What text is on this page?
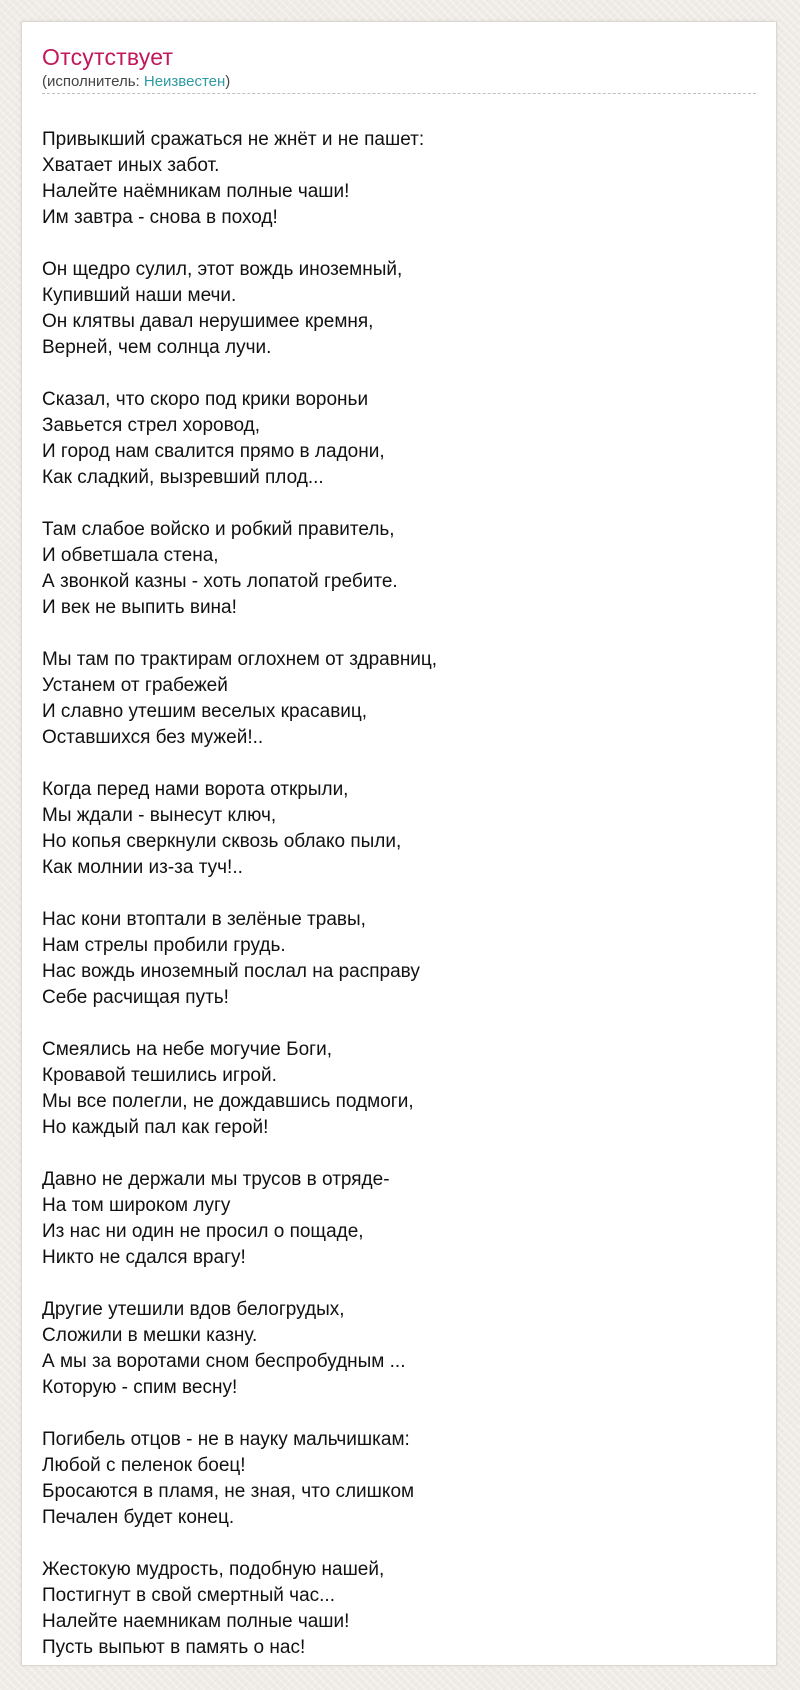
Отсутствует
(исполнитель: Неизвестен)
Привыкший сражаться не жнёт и не пашет:
Хватает иных забот.
Налейте наёмникам полные чаши!
Им завтра - снова в поход!
Он щедро сулил, этот вождь иноземный,
Купивший наши мечи.
Он клятвы давал нерушимее кремня,
Верней, чем солнца лучи.
Сказал, что скоро под крики вороньи
Завьется стрел хоровод,
И город нам свалится прямо в ладони,
Как сладкий, вызревший плод...
Там слабое войско и робкий правитель,
И обветшала стена,
А звонкой казны - хоть лопатой гребите.
И век не выпить вина!
Мы там по трактирам оглохнем от здравниц,
Устанем от грабежей
И славно утешим веселых красавиц,
Оставшихся без мужей!..
Когда перед нами ворота открыли,
Мы ждали - вынесут ключ,
Но копья сверкнули сквозь облако пыли,
Как молнии из-за туч!..
Нас кони втоптали в зелёные травы,
Нам стрелы пробили грудь.
Нас вождь иноземный послал на расправу
Себе расчищая путь!
Смеялись на небе могучие Боги,
Кровавой тешились игрой.
Мы все полегли, не дождавшись подмоги,
Но каждый пал как герой!
Давно не держали мы трусов в отряде-
На том широком лугу
Из нас ни один не просил о пощаде,
Никто не сдался врагу!
Другие утешили вдов белогрудых,
Сложили в мешки казну.
А мы за воротами сном беспробудным ...
Которую - спим весну!
Погибель отцов - не в науку мальчишкам:
Любой с пеленок боец!
Бросаются в пламя, не зная, что слишком
Печален будет конец.
Жестокую мудрость, подобную нашей,
Постигнут в свой смертный час...
Налейте наемникам полные чаши!
Пусть выпьют в память о нас!
